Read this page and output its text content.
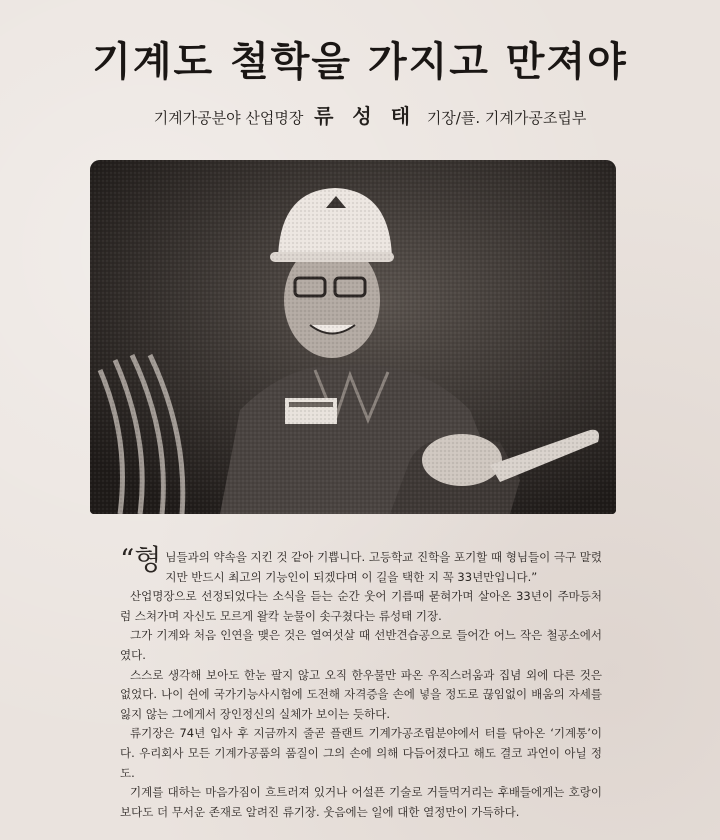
기계도 철학을 가지고 만져야
기계가공분야 산업명장 류 성 태 기장/플. 기계가공조립부

“형님들과의 약속을 지킨 것 같아 기쁩니다. 고등학교 진학을 포기할 때 형님들이 극구 말렸지만 반드시 최고의 기능인이 되겠다며 이 길을 택한 지 꼭 33년만입니다.”

산업명장으로 선정되었다는 소식을 듣는 순간 웃어 기름때 묻혀가며 살아온 33년이 주마등처럼 스쳐가며 자신도 모르게 왈칵 눈물이 솟구쳤다는 류성태 기장.

그가 기계와 처음 인연을 맺은 것은 열여섯살 때 선반견습공으로 들어간 어느 작은 철공소에서 였다.

스스로 생각해 보아도 한눈 팔지 않고 오직 한우물만 파온 우직스러움과 집념 외에 다른 것은 없었다. 나이 쉰에 국가기능사시험에 도전해 자격증을 손에 넣을 정도로 끊임없이 배움의 자세를 잃지 않는 그에게서 장인정신의 실체가 보이는 듯하다.

류기장은 74년 입사 후 지금까지 줄곧 플랜트 기계가공조립분야에서 터를 닦아온 ‘기계통’이다. 우리회사 모든 기계가공품의 품질이 그의 손에 의해 다듬어졌다고 해도 결코 과언이 아닐 정도.

기계를 대하는 마음가짐이 흐트러져 있거나 어설픈 기술로 거들먹거리는 후배들에게는 호랑이보다도 더 무서운 존재로 알려진 류기장. 웃음에는 일에 대한 열정만이 가득하다.
